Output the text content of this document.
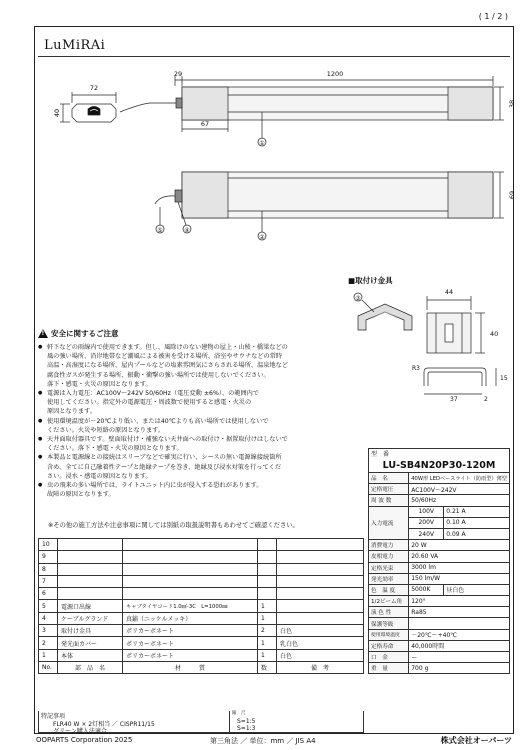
( 1 / 2 )
LuMiRAi
72
40
29	1200
67
38
69
①
②
③
④
⑤
■取付け金具
44
40
R3
37	2
15
! 安全に関するご注意
● 軒下などの雨線内で使用できます。但し、風除けのない建物の屋上・山稜・橋梁などの
風の強い場所、沿岸地帯など潮風による被害を受ける場所、浴室やサウナなどの常時
高温・高湿度になる場所、屋内プールなどの塩素雰囲気にさらされる場所、温泉地など
腐食性ガスが発生する場所、振動・衝撃の強い場所では使用しないでください。
落下・感電・火災の原因となります。
● 電源は入力電圧：AC100V～242V 50/60Hz（電圧変動 ±6%）、の範囲内で
使用してください。指定外の電源電圧・周波数で使用すると感電・火災の
原因となります。
● 使用環境温度が－20℃より低い、または40℃よりも高い場所では使用しないで
ください。火災や短絡の原因となります。
● 天井面取付器具です。壁面取付け・補強ない天井面への取付け・据置取付けはしないで
ください。落下・感電・火災の原因となります。
● 本製品と電源線との接続はスリーブなどで確実に行い、シースの無い電源線接続箇所
含め、全てに自己融着性テープと絶縁テープを巻き、絶縁及び浸水対策を行ってくだ
さい。浸水・感電の原因となります。
● 虫の飛来の多い場所では、ライトユニット内に虫が侵入する恐れがあります。
故障の原因となります。
※その他の施工方法や注意事項に関しては別紙の取扱説明書もあわせてご確認ください。
型　番		
LU-SB4N20P30-120M		
品　名	40W形 LEDベースライト（防雨型）薄型	
定格電圧	AC100V～242V	
周 波 数	50/60Hz	
入力電流	100V	0.21 A
	200V	0.10 A
	240V	0.09 A
消費電力	20 W	
皮相電力	20.60 VA	
定格光束	3000 lm	
発光効率	150 lm/W	
色　温 度	5000K	昼白色
1/2ビーム角	120°	
演 色 性	Ra85	
保護等級		
使用環境温度	－20℃～+40℃	
定格寿命	40,000時間	
口　金	ー	
重　量	700 g	
10				
9				
8				
7				
6				
5	電源口出線	キャブタイヤコード1.0㎟-3C　L=1000㎜	1	
4	ケーブルグランド	真鍮（ニッケルメッキ）	1	
3	取付け金具	ポリカーボネート	2	白色
2	発光面カバー	ポリカーボネート	1	乳白色
1	本体	ポリカーボネート	1	白色
No.	部　品　名	材　　　質	数	備　考
特記事項
FLR40 W × 2灯相当 ／ CISPR11/15
グリーン購入法適合
縮　尺
S=1:5
S=1:3
OOPARTS Corporation 2025	第三角法 ／ 単位：mm ／ JIS A4	株式会社オーパーツ
